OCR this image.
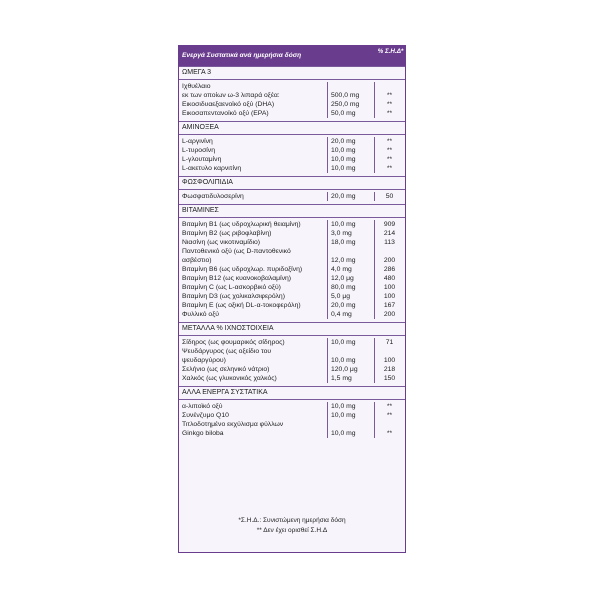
Ενεργά Συστατικά ανά ημερήσια δόση
% Σ.Η.Δ*
ΩΜΕΓΑ 3
Ιχθυέλαιο
εκ των οποίων ω-3 λιπαρά οξέα:	500,0 mg	**
Εικοσιδυαεξαενοϊκό οξύ (DHA)	250,0 mg	**
Εικοσαπεντανοϊκό οξύ (EPA)	50,0 mg	**
ΑΜΙΝΟΞΕΑ
L-αργινίνη	20,0 mg	**
L-τυροσίνη	10,0 mg	**
L-γλουταμίνη	10,0 mg	**
L-ακετυλο καρνιτίνη	10,0 mg	**
ΦΩΣΦΟΛΙΠΙΔΙΑ
Φωσφατιδυλοσερίνη	20,0 mg	50
ΒΙΤΑΜΙΝΕΣ
Βιταμίνη Β1 (ως υδροχλωρική θειαμίνη)	10,0 mg	909
Βιταμίνη Β2 (ως ριβοφλαβίνη)	3,0 mg	214
Νιασίνη (ως νικοτιναμίδιο)	18,0 mg	113
Παντοθενικό οξύ (ως D-παντοθενικό
ασβέστιο)	12,0 mg	200
Βιταμίνη Β6 (ως υδροχλωρ. πυριδοξίνη)	4,0 mg	286
Βιταμίνη Β12 (ως κυανοκοβαλαμίνη)	12,0 μg	480
Βιταμίνη C (ως L-ασκορβικό οξύ)	80,0 mg	100
Βιταμίνη D3 (ως χολικαλσιφερόλη)	5,0 μg	100
Βιταμίνη Ε (ως οξική DL-α-τοκοφερόλη)	20,0 mg	167
Φυλλικό οξύ	0,4 mg	200
ΜΕΤΑΛΛΑ % ΙΧΝΟΣΤΟΙΧΕΙΑ
Σίδηρος (ως φουμαρικός σίδηρος)	10,0 mg	71
Ψευδάργυρος (ως οξείδιο του
ψευδαργύρου)	10,0 mg	100
Σελήνιο (ως σεληνικό νάτριο)	120,0 μg	218
Χαλκός (ως γλυκονικός χαλκός)	1,5 mg	150
ΑΛΛΑ ΕΝΕΡΓΑ ΣΥΣΤΑΤΙΚΑ
α-λιποϊκό οξύ	10,0 mg	**
Συνένζυμο Q10	10,0 mg	**
Τιτλοδοτημένο εκχύλισμα φύλλων
Ginkgo biloba	10,0 mg	**
*Σ.Η.Δ.: Συνιστώμενη ημερήσια δόση
** Δεν έχει ορισθεί Σ.Η.Δ
